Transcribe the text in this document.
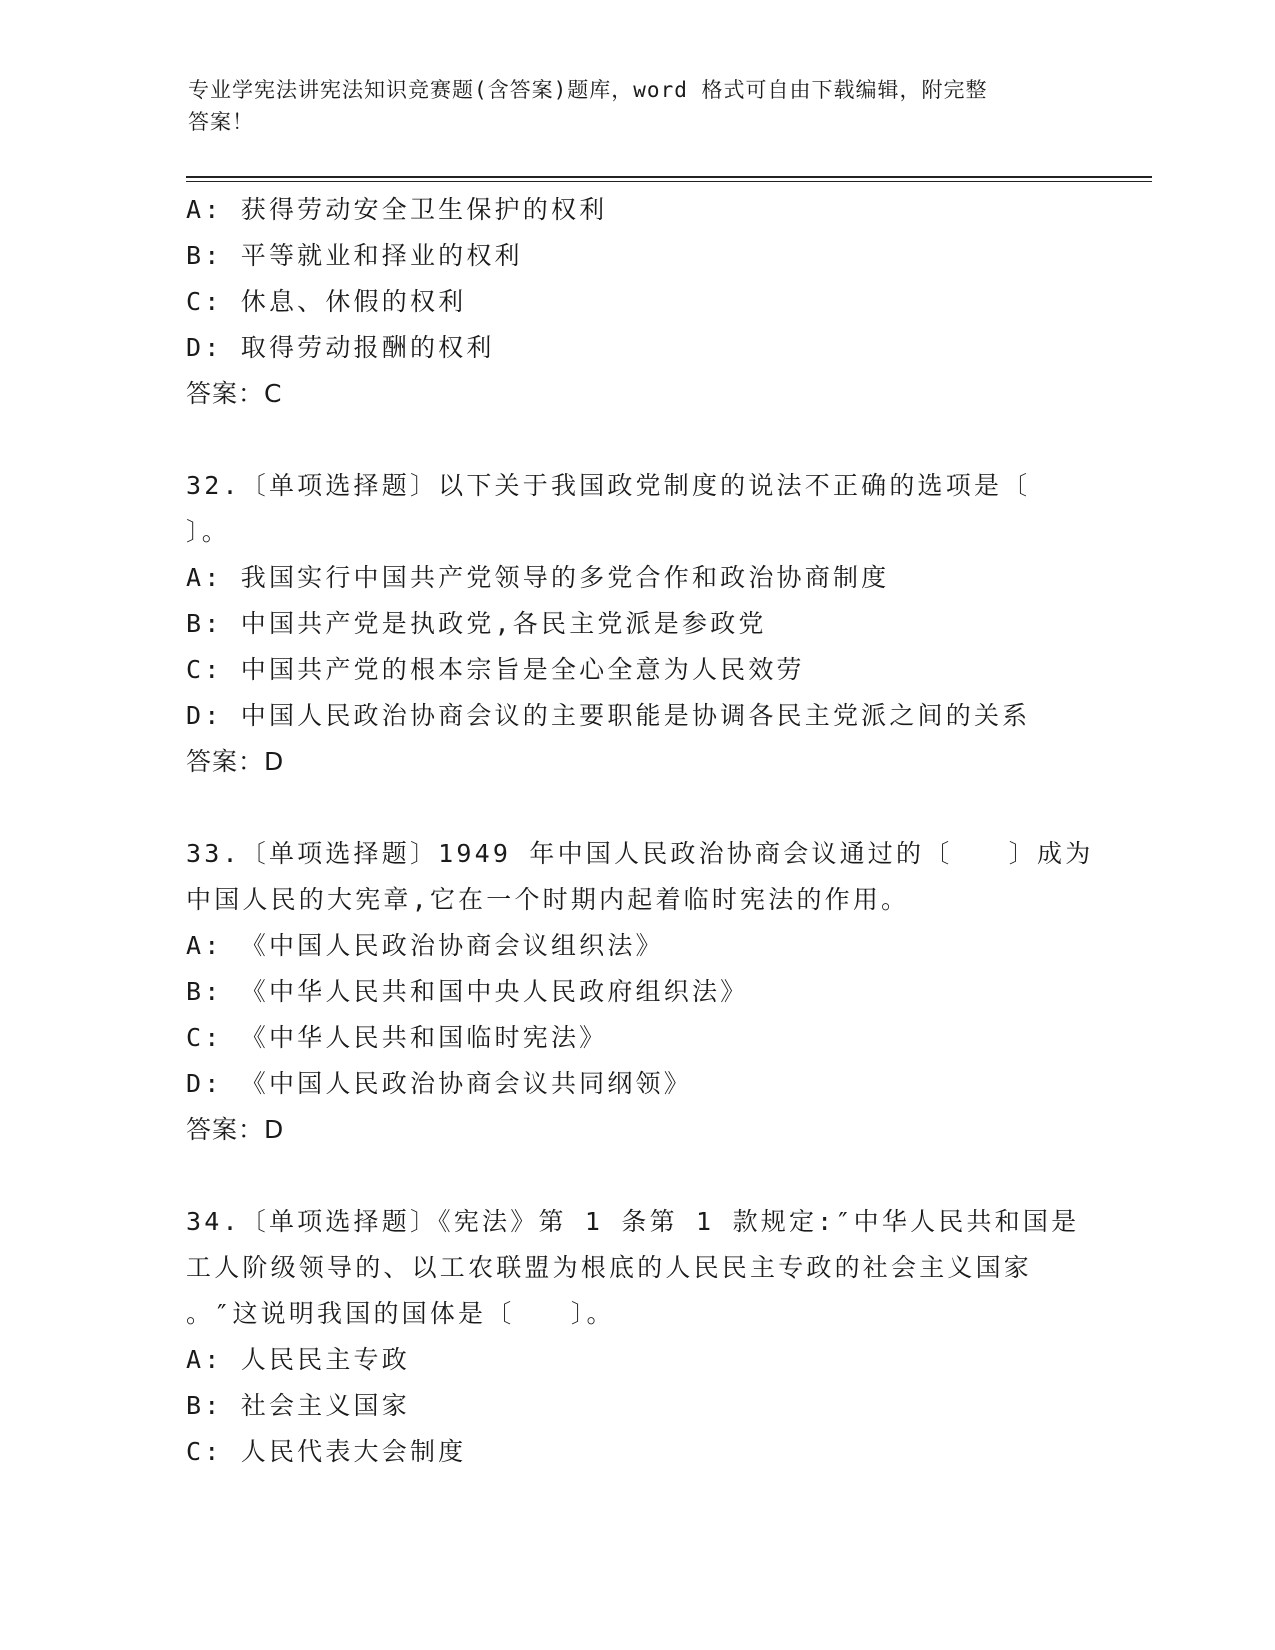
专业学宪法讲宪法知识竞赛题(含答案)题库，word 格式可自由下载编辑，附完整
答案！
A: 获得劳动安全卫生保护的权利
B: 平等就业和择业的权利
C: 休息、休假的权利
D: 取得劳动报酬的权利
答案：C
32.〔单项选择题〕以下关于我国政党制度的说法不正确的选项是〔
〕。
A: 我国实行中国共产党领导的多党合作和政治协商制度
B: 中国共产党是执政党,各民主党派是参政党
C: 中国共产党的根本宗旨是全心全意为人民效劳
D: 中国人民政治协商会议的主要职能是协调各民主党派之间的关系
答案：D
33.〔单项选择题〕1949 年中国人民政治协商会议通过的〔　　〕成为
中国人民的大宪章,它在一个时期内起着临时宪法的作用。
A: 《中国人民政治协商会议组织法》
B: 《中华人民共和国中央人民政府组织法》
C: 《中华人民共和国临时宪法》
D: 《中国人民政治协商会议共同纲领》
答案：D
34.〔单项选择题〕《宪法》第 1 条第 1 款规定:″中华人民共和国是
工人阶级领导的、以工农联盟为根底的人民民主专政的社会主义国家
。″这说明我国的国体是〔　　〕。
A: 人民民主专政
B: 社会主义国家
C: 人民代表大会制度
